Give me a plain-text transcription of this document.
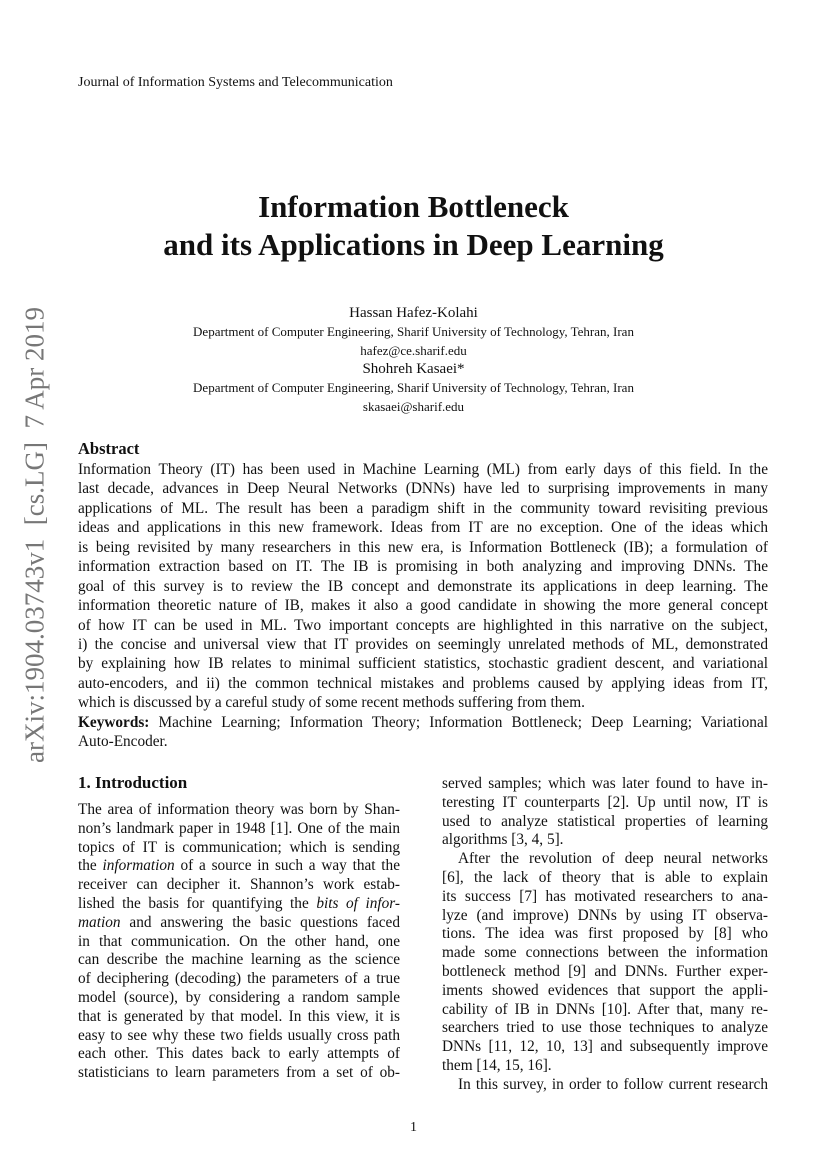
Journal of Information Systems and Telecommunication
Information Bottleneck
and its Applications in Deep Learning
Hassan Hafez-Kolahi
Department of Computer Engineering, Sharif University of Technology, Tehran, Iran
hafez@ce.sharif.edu
Shohreh Kasaei*
Department of Computer Engineering, Sharif University of Technology, Tehran, Iran
skasaei@sharif.edu
arXiv:1904.03743v1  [cs.LG]  7 Apr 2019 Abstract
Information Theory (IT) has been used in Machine Learning (ML) from early days of this field. In the
last decade, advances in Deep Neural Networks (DNNs) have led to surprising improvements in many
applications of ML. The result has been a paradigm shift in the community toward revisiting previous
ideas and applications in this new framework. Ideas from IT are no exception. One of the ideas which
is being revisited by many researchers in this new era, is Information Bottleneck (IB); a formulation of
information extraction based on IT. The IB is promising in both analyzing and improving DNNs. The
goal of this survey is to review the IB concept and demonstrate its applications in deep learning. The
information theoretic nature of IB, makes it also a good candidate in showing the more general concept
of how IT can be used in ML. Two important concepts are highlighted in this narrative on the subject,
i) the concise and universal view that IT provides on seemingly unrelated methods of ML, demonstrated
by explaining how IB relates to minimal sufficient statistics, stochastic gradient descent, and variational
auto-encoders, and ii) the common technical mistakes and problems caused by applying ideas from IT,
which is discussed by a careful study of some recent methods suffering from them.
Keywords: Machine Learning; Information Theory; Information Bottleneck; Deep Learning; Variational
Auto-Encoder.
1. Introduction
The area of information theory was born by Shan-
non’s landmark paper in 1948 [1]. One of the main
topics of IT is communication; which is sending
the information of a source in such a way that the
receiver can decipher it. Shannon’s work estab-
lished the basis for quantifying the bits of infor-
mation and answering the basic questions faced
in that communication. On the other hand, one
can describe the machine learning as the science
of deciphering (decoding) the parameters of a true
model (source), by considering a random sample
that is generated by that model. In this view, it is
easy to see why these two fields usually cross path
each other. This dates back to early attempts of
statisticians to learn parameters from a set of ob-
served samples; which was later found to have in-
teresting IT counterparts [2]. Up until now, IT is
used to analyze statistical properties of learning
algorithms [3, 4, 5].
After the revolution of deep neural networks
[6], the lack of theory that is able to explain
its success [7] has motivated researchers to ana-
lyze (and improve) DNNs by using IT observa-
tions. The idea was first proposed by [8] who
made some connections between the information
bottleneck method [9] and DNNs. Further exper-
iments showed evidences that support the appli-
cability of IB in DNNs [10]. After that, many re-
searchers tried to use those techniques to analyze
DNNs [11, 12, 10, 13] and subsequently improve
them [14, 15, 16].
In this survey, in order to follow current research
1
